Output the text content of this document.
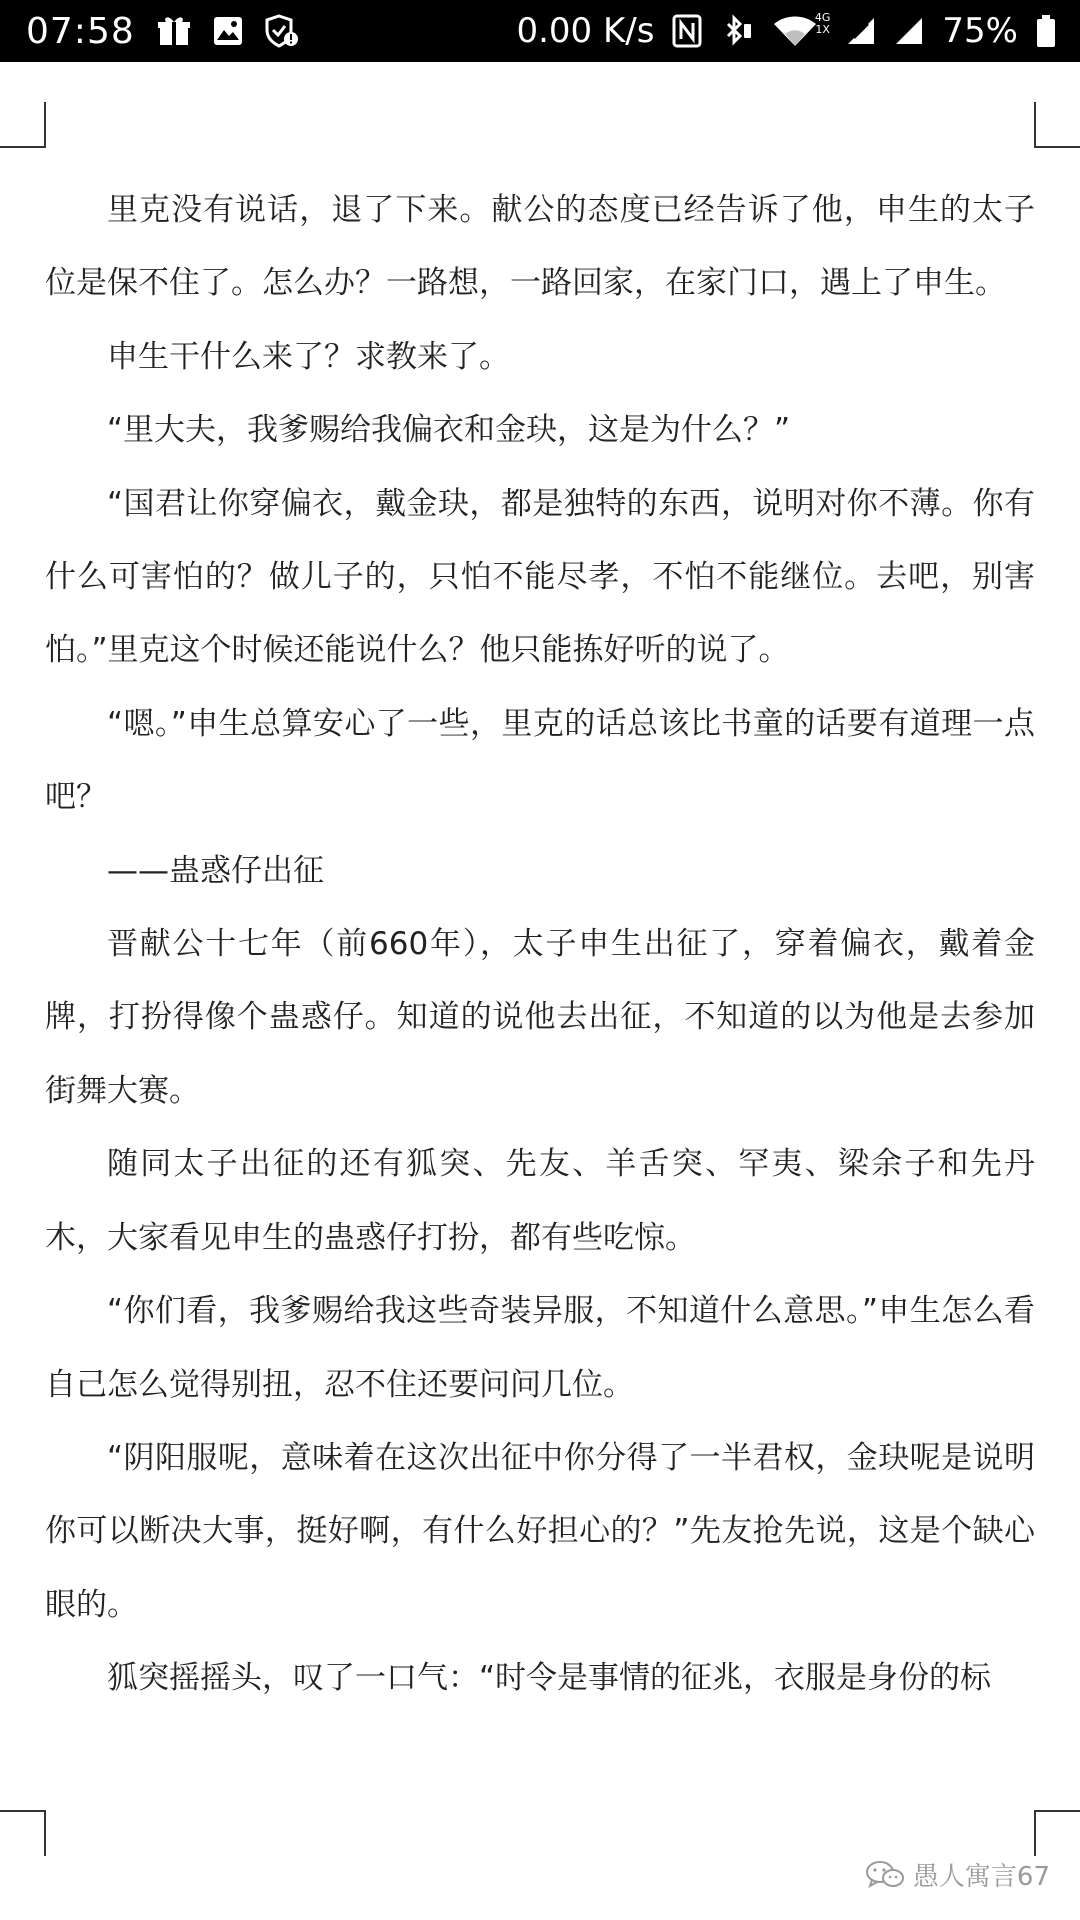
07:58	0.00 K/s	4G
1X	75%

里克没有说话，退了下来。献公的态度已经告诉了他，申生的太子位是保不住了。怎么办？一路想，一路回家，在家门口，遇上了申生。

申生干什么来了？求教来了。

“里大夫，我爹赐给我偏衣和金玦，这是为什么？”

“国君让你穿偏衣，戴金玦，都是独特的东西，说明对你不薄。你有什么可害怕的？做儿子的，只怕不能尽孝，不怕不能继位。去吧，别害怕。”里克这个时候还能说什么？他只能拣好听的说了。

“嗯。”申生总算安心了一些，里克的话总该比书童的话要有道理一点吧？

——蛊惑仔出征

晋献公十七年（前660年），太子申生出征了，穿着偏衣，戴着金牌，打扮得像个蛊惑仔。知道的说他去出征，不知道的以为他是去参加街舞大赛。

随同太子出征的还有狐突、先友、羊舌突、罕夷、梁余子和先丹木，大家看见申生的蛊惑仔打扮，都有些吃惊。

“你们看，我爹赐给我这些奇装异服，不知道什么意思。”申生怎么看自己怎么觉得别扭，忍不住还要问问几位。

“阴阳服呢，意味着在这次出征中你分得了一半君权，金玦呢是说明你可以断决大事，挺好啊，有什么好担心的？”先友抢先说，这是个缺心眼的。

狐突摇摇头，叹了一口气：“时令是事情的征兆，衣服是身份的标

愚人寓言67
